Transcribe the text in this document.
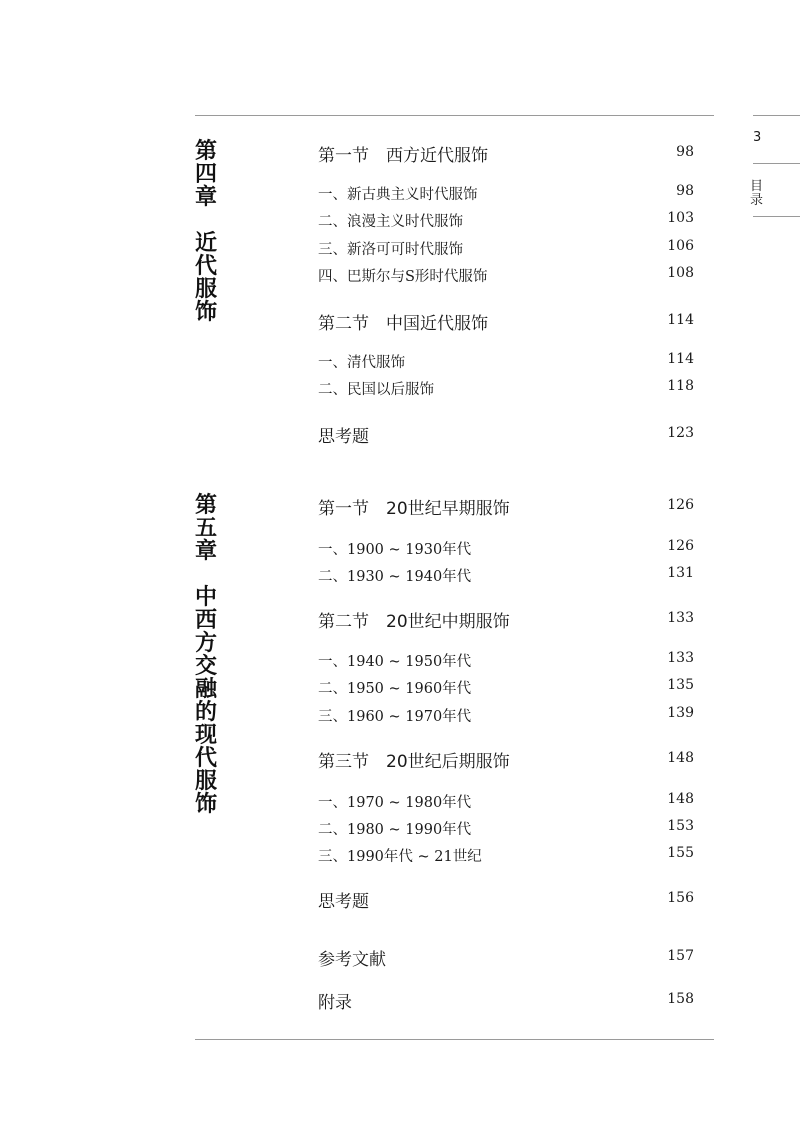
3
目录
第四章
近代服饰
第五章
中西方交融的现代服饰
第一节　西方近代服饰	98
一、新古典主义时代服饰	98
二、浪漫主义时代服饰	103
三、新洛可可时代服饰	106
四、巴斯尔与S形时代服饰	108
第二节　中国近代服饰	114
一、清代服饰	114
二、民国以后服饰	118
思考题	123
第一节　20世纪早期服饰	126
一、1900 ~ 1930年代	126
二、1930 ~ 1940年代	131
第二节　20世纪中期服饰	133
一、1940 ~ 1950年代	133
二、1950 ~ 1960年代	135
三、1960 ~ 1970年代	139
第三节　20世纪后期服饰	148
一、1970 ~ 1980年代	148
二、1980 ~ 1990年代	153
三、1990年代 ~ 21世纪	155
思考题	156
参考文献	157
附录	158
